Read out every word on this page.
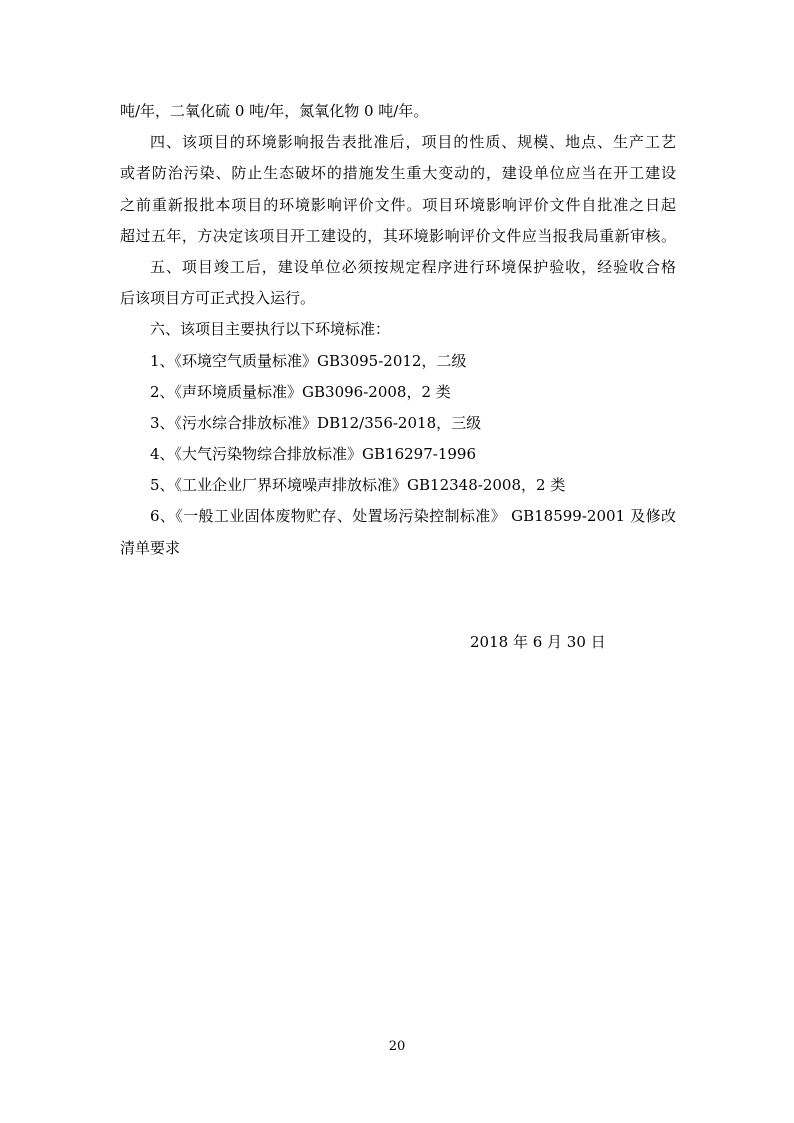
吨/年，二氧化硫 0 吨/年，氮氧化物 0 吨/年。
四、该项目的环境影响报告表批准后，项目的性质、规模、地点、生产工艺
或者防治污染、防止生态破坏的措施发生重大变动的，建设单位应当在开工建设
之前重新报批本项目的环境影响评价文件。项目环境影响评价文件自批准之日起
超过五年，方决定该项目开工建设的，其环境影响评价文件应当报我局重新审核。
五、项目竣工后，建设单位必须按规定程序进行环境保护验收，经验收合格
后该项目方可正式投入运行。
六、该项目主要执行以下环境标准：
1、《环境空气质量标准》GB3095-2012，二级
2、《声环境质量标准》GB3096-2008，2 类
3、《污水综合排放标准》DB12/356-2018，三级
4、《大气污染物综合排放标准》GB16297-1996
5、《工业企业厂界环境噪声排放标准》GB12348-2008，2 类
6、《一般工业固体废物贮存、处置场污染控制标准》 GB18599-2001 及修改
清单要求
2018 年 6 月 30 日
20
